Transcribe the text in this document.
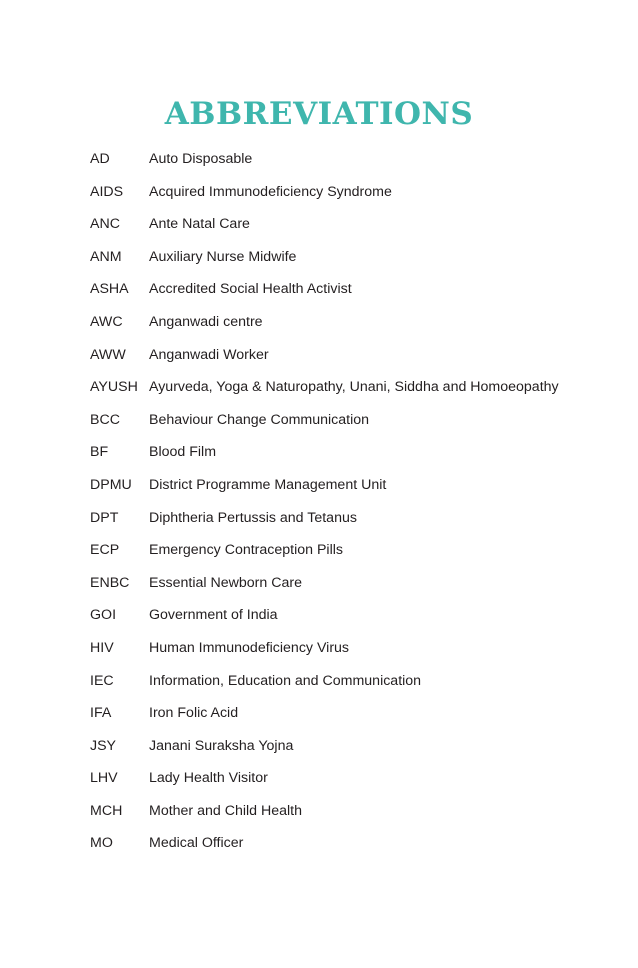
ABBREVIATIONS
AD	Auto Disposable
AIDS	Acquired Immunodeficiency Syndrome
ANC	Ante Natal Care
ANM	Auxiliary Nurse Midwife
ASHA	Accredited Social Health Activist
AWC	Anganwadi centre
AWW	Anganwadi Worker
AYUSH Ayurveda, Yoga & Naturopathy, Unani, Siddha and Homoeopathy
BCC	Behaviour Change Communication
BF	Blood Film
DPMU	District Programme Management Unit
DPT	Diphtheria Pertussis and Tetanus
ECP	Emergency Contraception Pills
ENBC	Essential Newborn Care
GOI	Government of India
HIV	Human Immunodeficiency Virus
IEC	Information, Education and Communication
IFA	Iron Folic Acid
JSY	Janani Suraksha Yojna
LHV	Lady Health Visitor
MCH	Mother and Child Health
MO	Medical Officer
